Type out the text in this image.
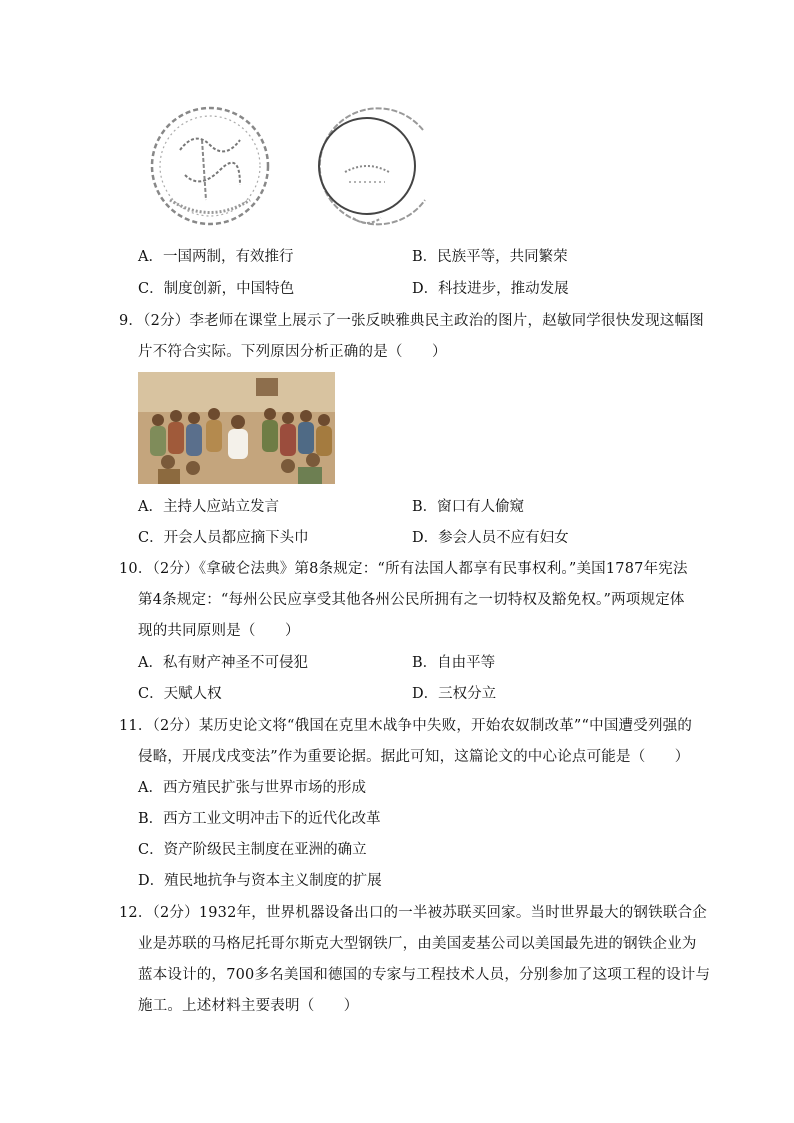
A．一国两制，有效推行	B．民族平等，共同繁荣
C．制度创新，中国特色	D．科技进步，推动发展
9．（2分）李老师在课堂上展示了一张反映雅典民主政治的图片，赵敏同学很快发现这幅图
片不符合实际。下列原因分析正确的是（　　）
A．主持人应站立发言	B．窗口有人偷窥
C．开会人员都应摘下头巾	D．参会人员不应有妇女
10．（2分）《拿破仑法典》第8条规定：“所有法国人都享有民事权利。”美国1787年宪法
第4条规定：“每州公民应享受其他各州公民所拥有之一切特权及豁免权。”两项规定体
现的共同原则是（　　）
A．私有财产神圣不可侵犯	B．自由平等
C．天赋人权	D．三权分立
11．（2分）某历史论文将“俄国在克里木战争中失败，开始农奴制改革”“中国遭受列强的
侵略，开展戊戌变法”作为重要论据。据此可知，这篇论文的中心论点可能是（　　）
A．西方殖民扩张与世界市场的形成
B．西方工业文明冲击下的近代化改革
C．资产阶级民主制度在亚洲的确立
D．殖民地抗争与资本主义制度的扩展
12．（2分）1932年，世界机器设备出口的一半被苏联买回家。当时世界最大的钢铁联合企
业是苏联的马格尼托哥尔斯克大型钢铁厂，由美国麦基公司以美国最先进的钢铁企业为
蓝本设计的，700多名美国和德国的专家与工程技术人员，分别参加了这项工程的设计与
施工。上述材料主要表明（　　）
